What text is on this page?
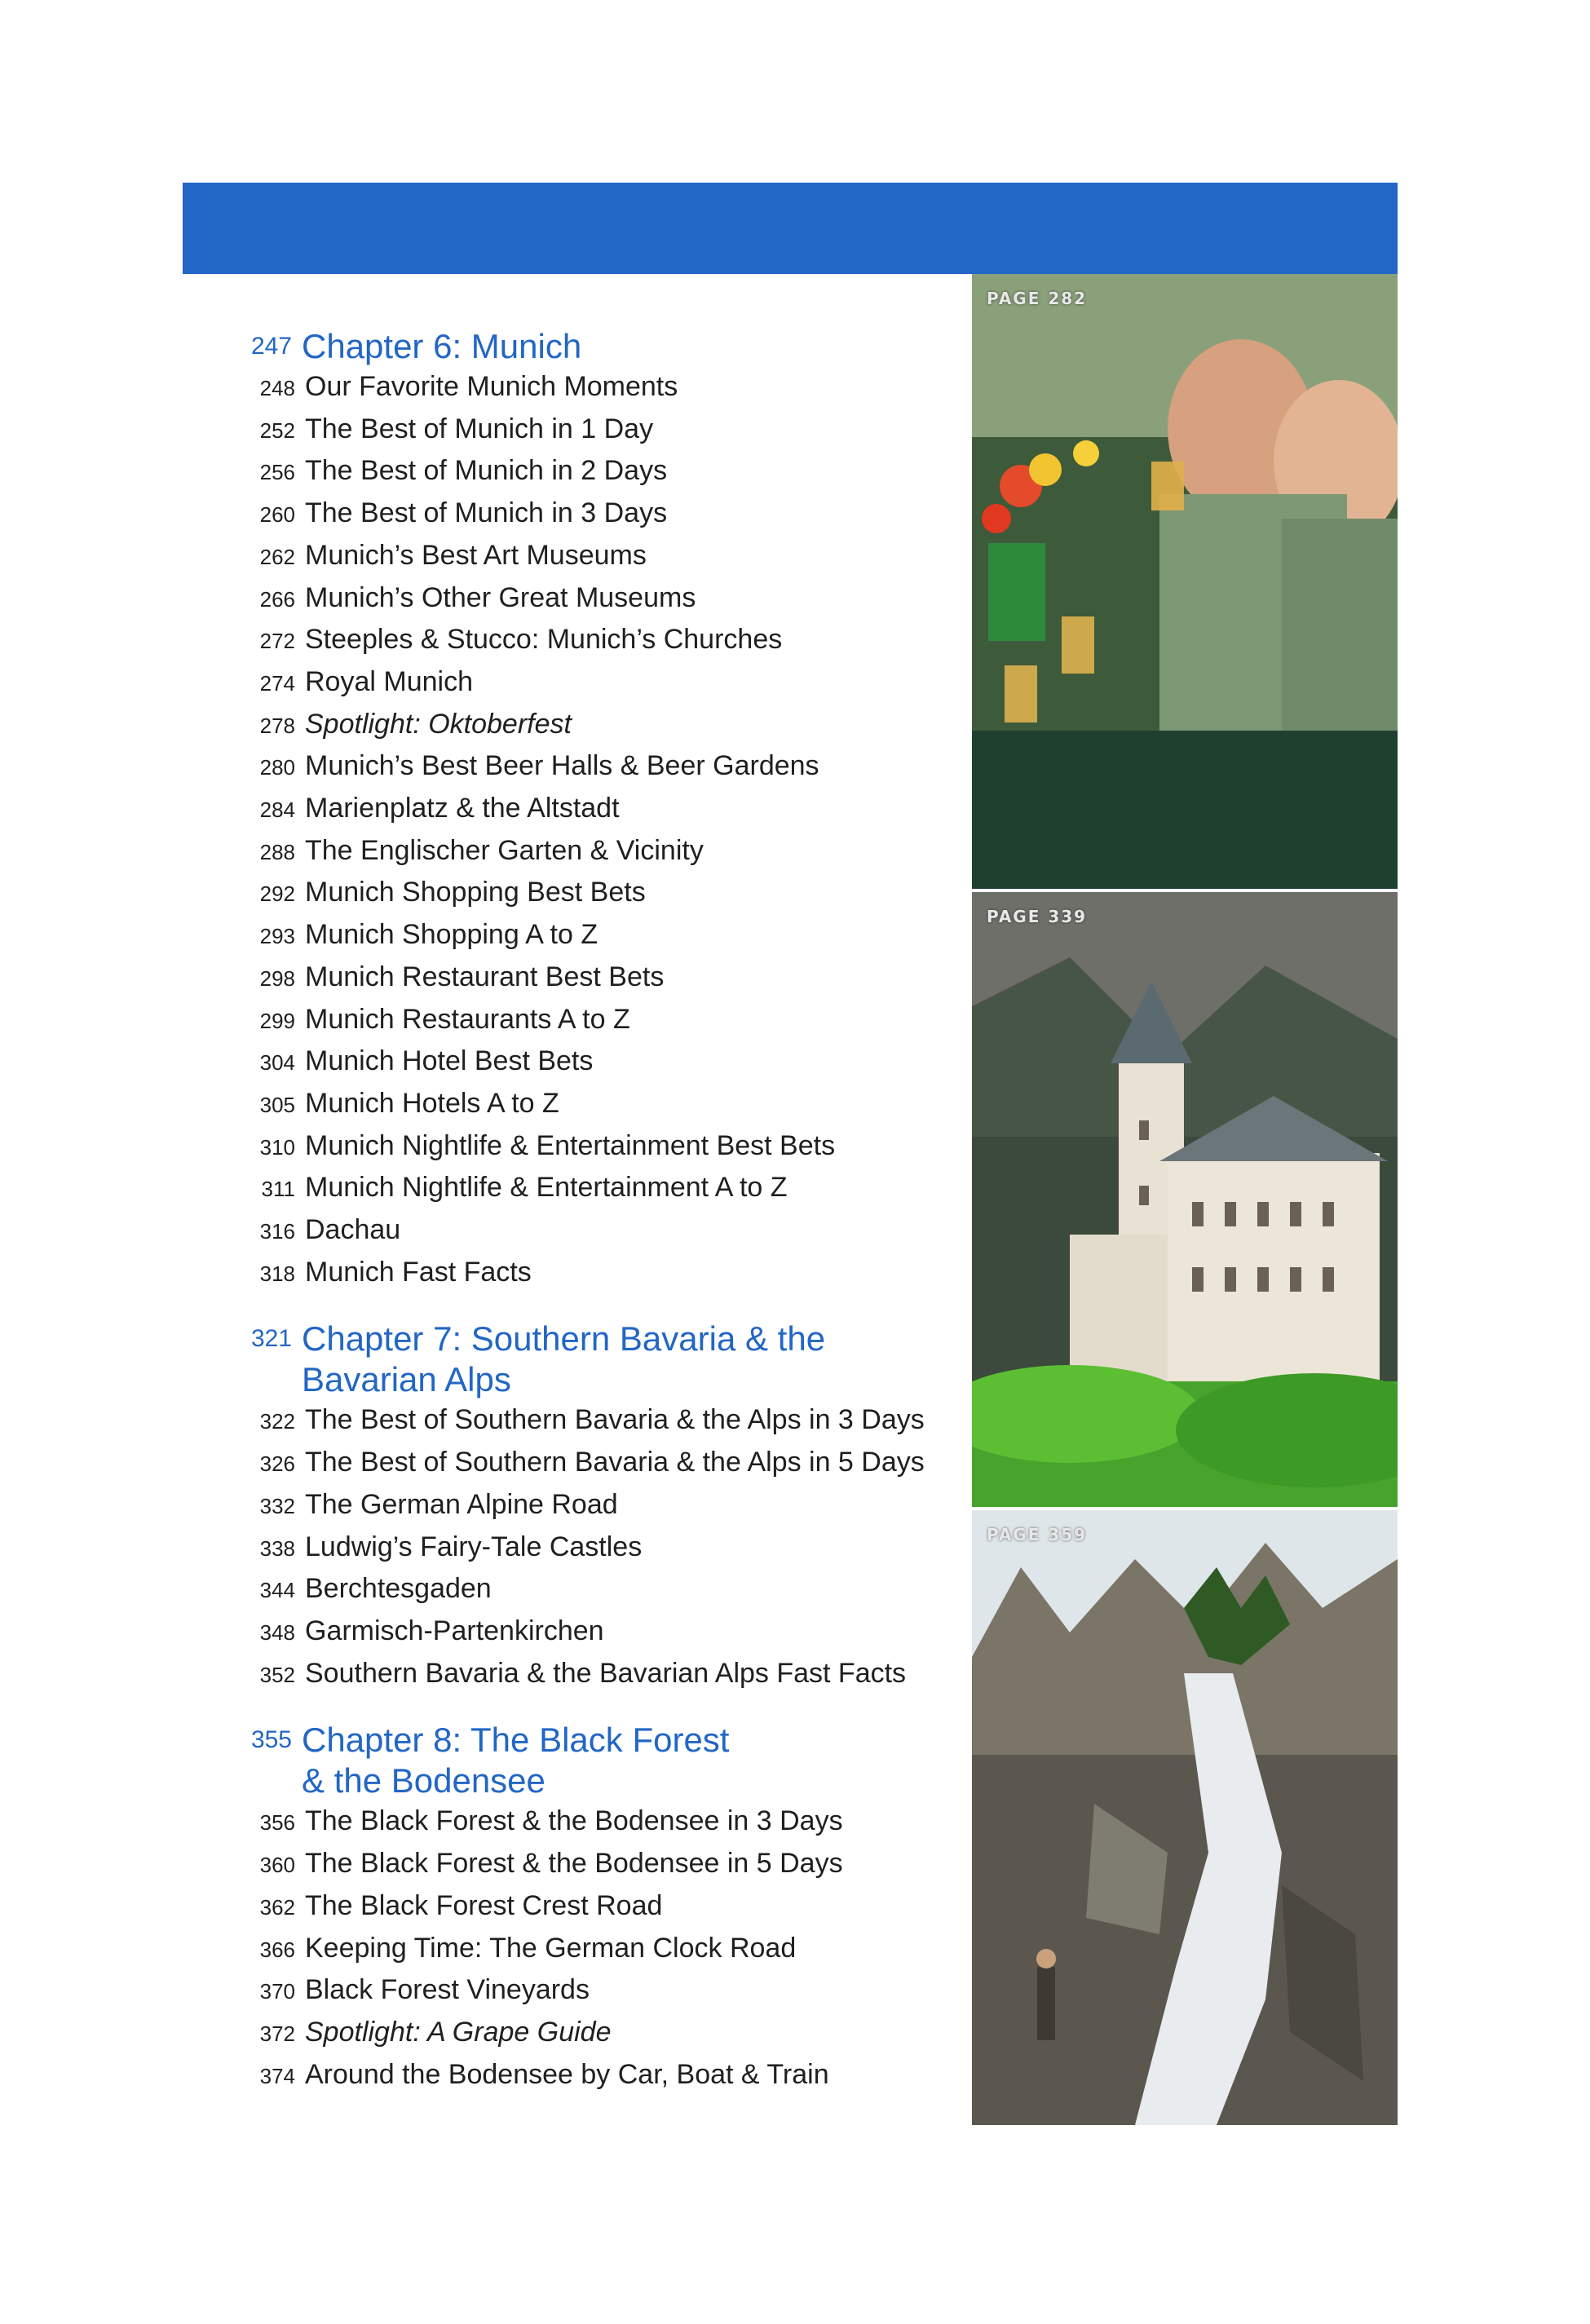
247 Chapter 6: Munich
248 Our Favorite Munich Moments
252 The Best of Munich in 1 Day
256 The Best of Munich in 2 Days
260 The Best of Munich in 3 Days
262 Munich’s Best Art Museums
266 Munich’s Other Great Museums
272 Steeples & Stucco: Munich’s Churches
274 Royal Munich
278 Spotlight: Oktoberfest
280 Munich’s Best Beer Halls & Beer Gardens
284 Marienplatz & the Altstadt
288 The Englischer Garten & Vicinity
292 Munich Shopping Best Bets
293 Munich Shopping A to Z
298 Munich Restaurant Best Bets
299 Munich Restaurants A to Z
304 Munich Hotel Best Bets
305 Munich Hotels A to Z
310 Munich Nightlife & Entertainment Best Bets
311 Munich Nightlife & Entertainment A to Z
316 Dachau
318 Munich Fast Facts
321 Chapter 7: Southern Bavaria & the
Bavarian Alps
322 The Best of Southern Bavaria & the Alps in 3 Days
326 The Best of Southern Bavaria & the Alps in 5 Days
332 The German Alpine Road
338 Ludwig’s Fairy-Tale Castles
344 Berchtesgaden
348 Garmisch-Partenkirchen
352 Southern Bavaria & the Bavarian Alps Fast Facts
355 Chapter 8: The Black Forest
& the Bodensee
356 The Black Forest & the Bodensee in 3 Days
360 The Black Forest & the Bodensee in 5 Days
362 The Black Forest Crest Road
366 Keeping Time: The German Clock Road
370 Black Forest Vineyards
372 Spotlight: A Grape Guide
374 Around the Bodensee by Car, Boat & Train
PAGE 282
PAGE 339
PAGE 359
